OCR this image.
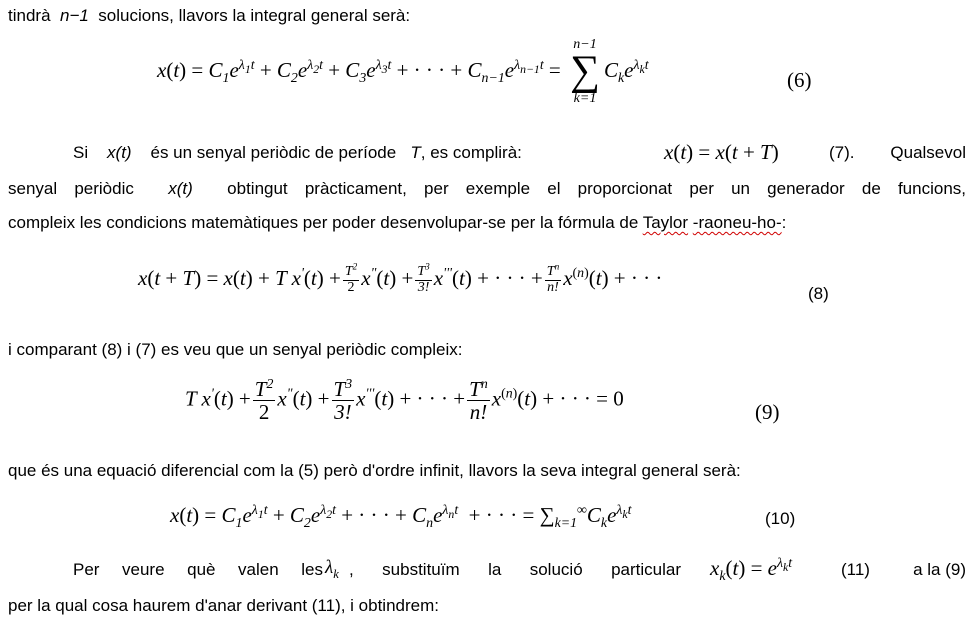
tindrà n−1 solucions, llavors la integral general serà:
$x(t) = C_1e^{\lambda_1t} + C_2e^{\lambda_2t} + C_3e^{\lambda_3t}$ + · · · + $C_{n-1}e^{\lambda_{n-1}t}$ =
n−1
∑
k=1
$C_ke^{\lambda_kt}$
(6)
Si x(t) és un senyal periòdic de període T, es complirà:	x(t) = x(t + T)	(7). Qualsevol
senyal periòdic x(t) obtingut pràcticament, per exemple el proporcionat per un generador de funcions,
compleix les condicions matemàtiques per poder desenvolupar-se per la fórmula de Taylor -raoneu-ho-:
x(t + T) = x(t) + T $x'(t) + \frac{T^2}{2} x^"(t) + \frac{T^3}{3!} x'''(t)$ + · · · + $\frac{T^n}{n!} x^{(n)}(t)$ + · · ·
(8)
i comparant (8) i (7) es veu que un senyal periòdic compleix:
T $x'(t) + \frac{T^2}{2} x^"(t) + \frac{T^3}{3!} x'''(t)$ + · · · + $\frac{T^n}{n!} x^{(n)}(t)$ + · · · = 0
(9)
que és una equació diferencial com la (5) però d'ordre infinit, llavors la seva integral general serà:
$x(t) = C_1e^{\lambda_1t} + C_2e^{\lambda_2t}$ + · · · + $C_ne^{\lambda_nt}$  + · · · = $\sum_{k=1}^\infty C_ke^{\lambda_kt}$	(10)
Per veure què valen les $\lambda_k$ , substituïm la solució particular $x_k(t) = e^{\lambda_kt}$	(11)	a la (9)
per la qual cosa haurem d'anar derivant (11), i obtindrem:
